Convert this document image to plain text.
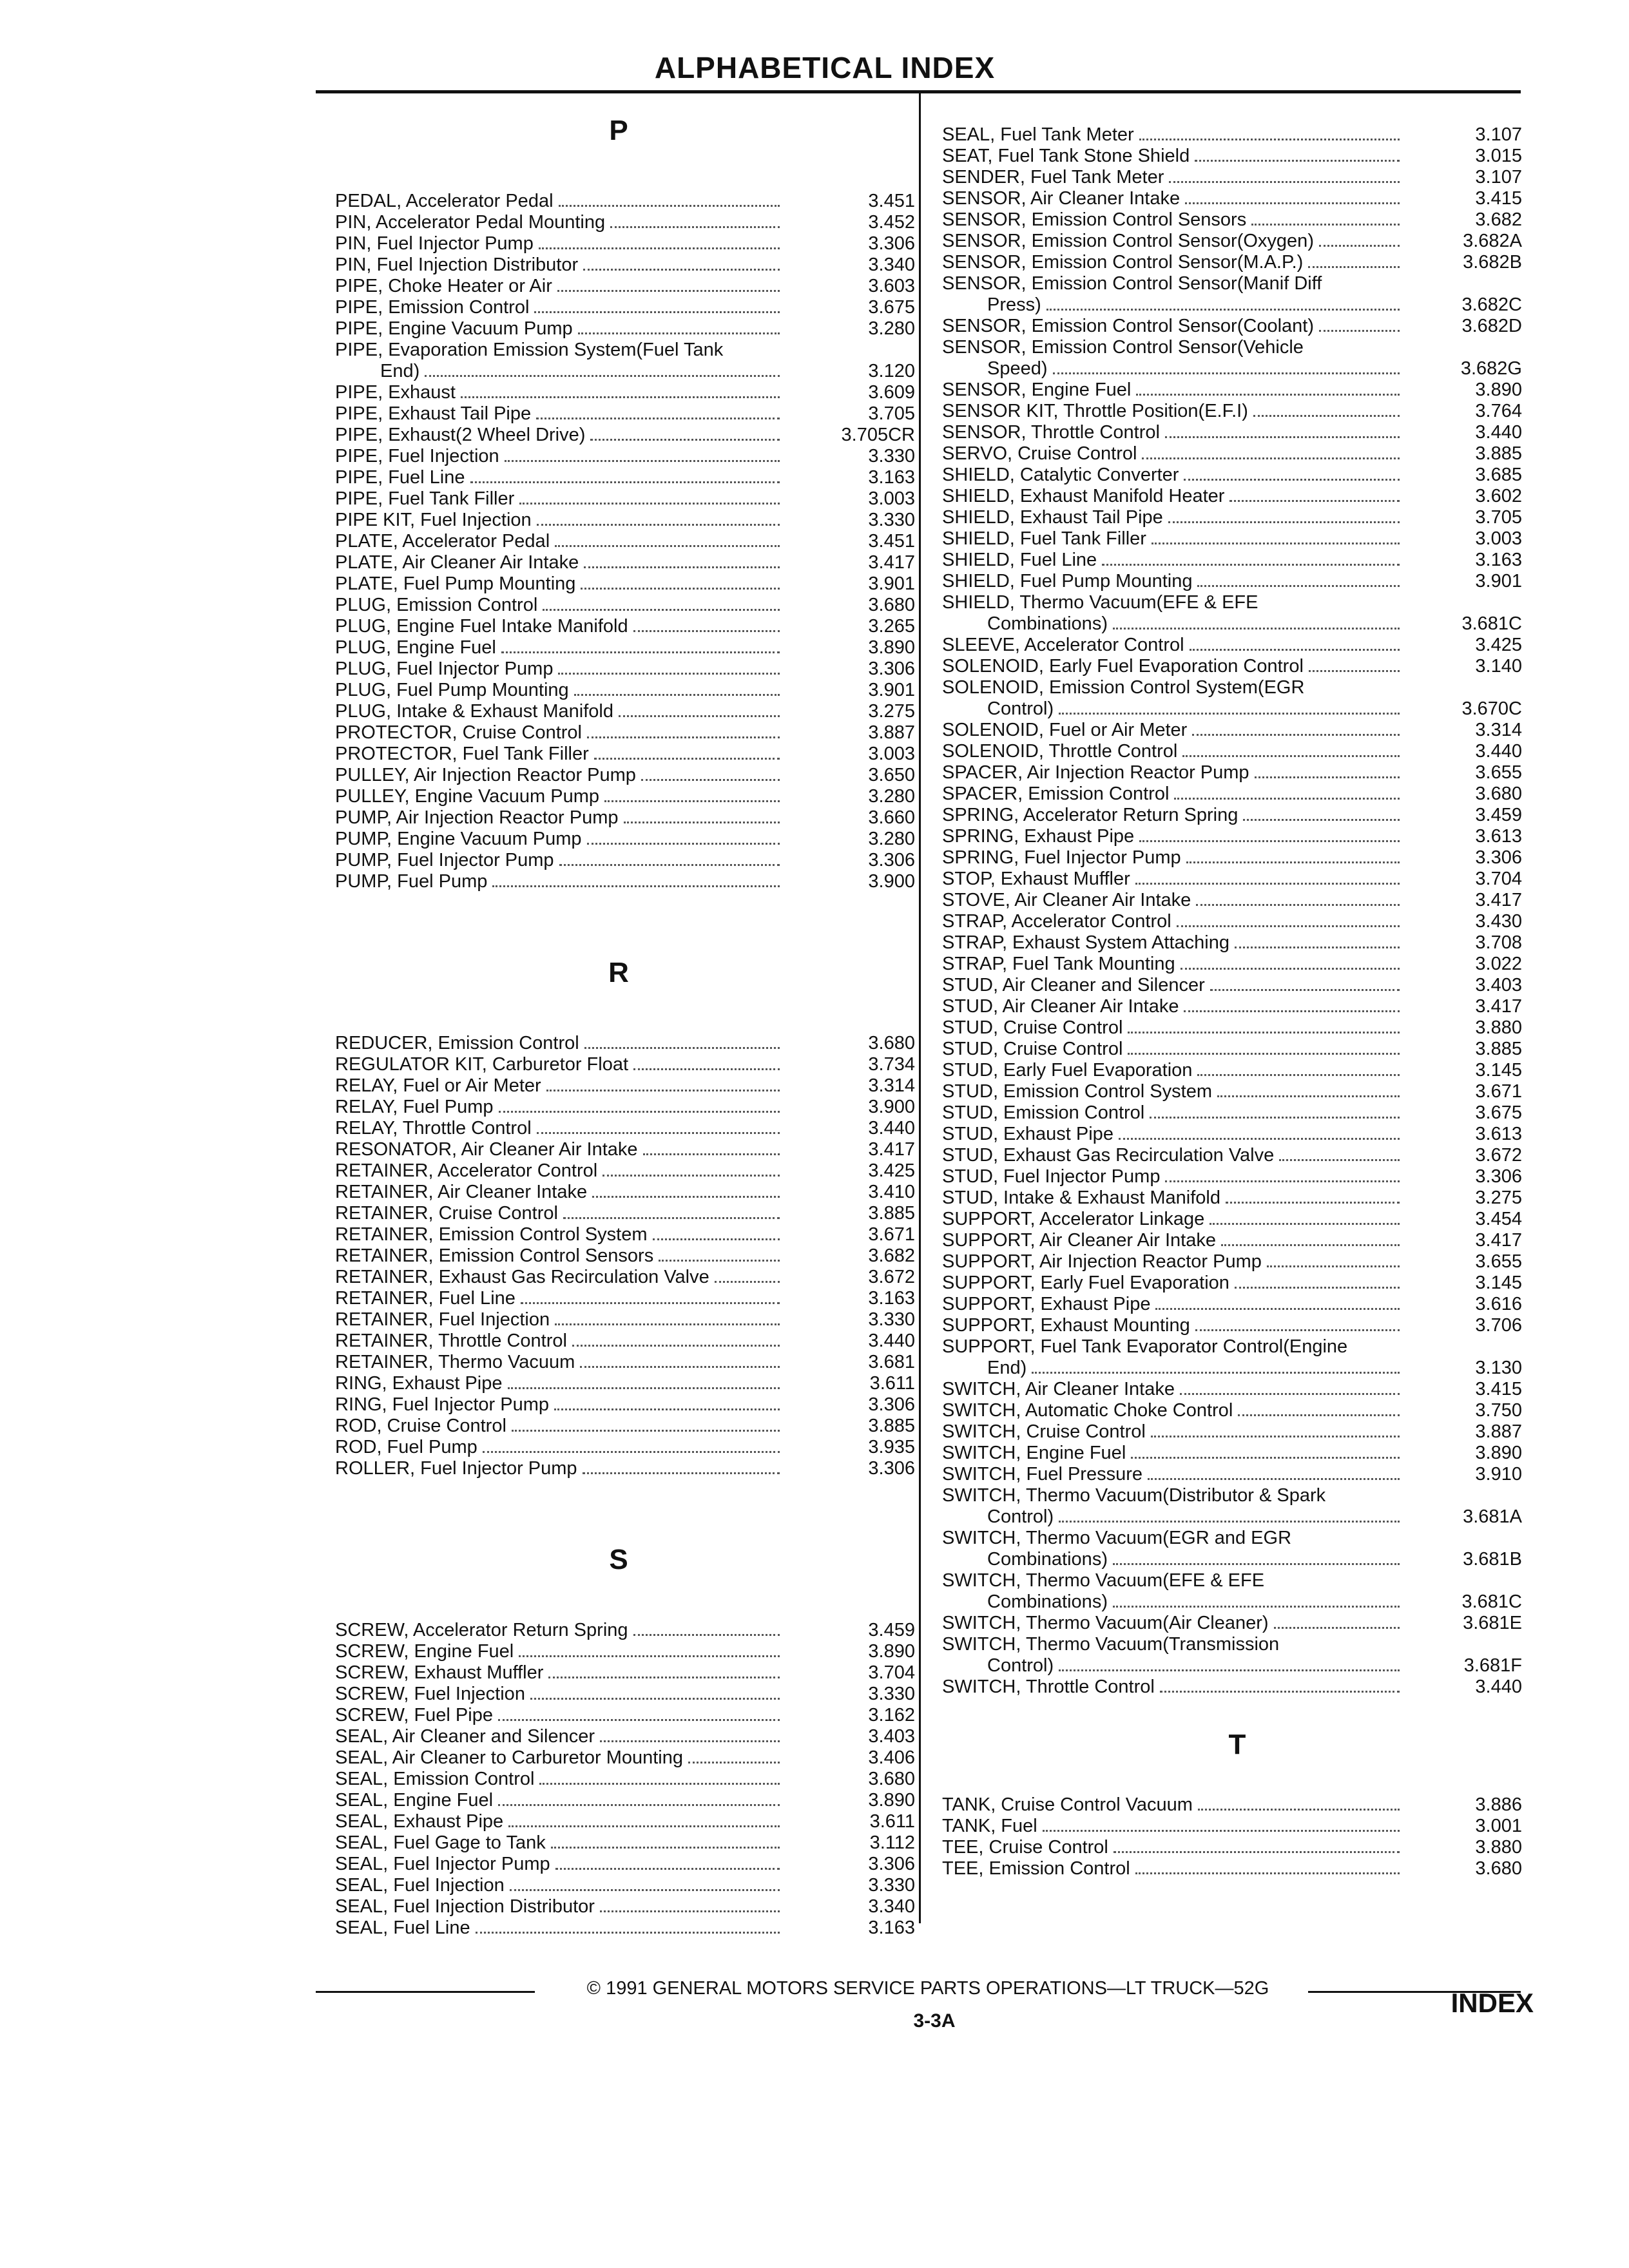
ALPHABETICAL INDEX
P
PEDAL, Accelerator Pedal	3.451
PIN, Accelerator Pedal Mounting	3.452
PIN, Fuel Injector Pump	3.306
PIN, Fuel Injection Distributor	3.340
PIPE, Choke Heater or Air	3.603
PIPE, Emission Control	3.675
PIPE, Engine Vacuum Pump	3.280
PIPE, Evaporation Emission System(Fuel Tank
End)	3.120
PIPE, Exhaust	3.609
PIPE, Exhaust Tail Pipe	3.705
PIPE, Exhaust(2 Wheel Drive)	3.705CR
PIPE, Fuel Injection	3.330
PIPE, Fuel Line	3.163
PIPE, Fuel Tank Filler	3.003
PIPE KIT, Fuel Injection	3.330
PLATE, Accelerator Pedal	3.451
PLATE, Air Cleaner Air Intake	3.417
PLATE, Fuel Pump Mounting	3.901
PLUG, Emission Control	3.680
PLUG, Engine Fuel Intake Manifold	3.265
PLUG, Engine Fuel	3.890
PLUG, Fuel Injector Pump	3.306
PLUG, Fuel Pump Mounting	3.901
PLUG, Intake & Exhaust Manifold	3.275
PROTECTOR, Cruise Control	3.887
PROTECTOR, Fuel Tank Filler	3.003
PULLEY, Air Injection Reactor Pump	3.650
PULLEY, Engine Vacuum Pump	3.280
PUMP, Air Injection Reactor Pump	3.660
PUMP, Engine Vacuum Pump	3.280
PUMP, Fuel Injector Pump	3.306
PUMP, Fuel Pump	3.900
R
REDUCER, Emission Control	3.680
REGULATOR KIT, Carburetor Float	3.734
RELAY, Fuel or Air Meter	3.314
RELAY, Fuel Pump	3.900
RELAY, Throttle Control	3.440
RESONATOR, Air Cleaner Air Intake	3.417
RETAINER, Accelerator Control	3.425
RETAINER, Air Cleaner Intake	3.410
RETAINER, Cruise Control	3.885
RETAINER, Emission Control System	3.671
RETAINER, Emission Control Sensors	3.682
RETAINER, Exhaust Gas Recirculation Valve	3.672
RETAINER, Fuel Line	3.163
RETAINER, Fuel Injection	3.330
RETAINER, Throttle Control	3.440
RETAINER, Thermo Vacuum	3.681
RING, Exhaust Pipe	3.611
RING, Fuel Injector Pump	3.306
ROD, Cruise Control	3.885
ROD, Fuel Pump	3.935
ROLLER, Fuel Injector Pump	3.306
S
SCREW, Accelerator Return Spring	3.459
SCREW, Engine Fuel	3.890
SCREW, Exhaust Muffler	3.704
SCREW, Fuel Injection	3.330
SCREW, Fuel Pipe	3.162
SEAL, Air Cleaner and Silencer	3.403
SEAL, Air Cleaner to Carburetor Mounting	3.406
SEAL, Emission Control	3.680
SEAL, Engine Fuel	3.890
SEAL, Exhaust Pipe	3.611
SEAL, Fuel Gage to Tank	3.112
SEAL, Fuel Injector Pump	3.306
SEAL, Fuel Injection	3.330
SEAL, Fuel Injection Distributor	3.340
SEAL, Fuel Line	3.163
SEAL, Fuel Tank Meter	3.107
SEAT, Fuel Tank Stone Shield	3.015
SENDER, Fuel Tank Meter	3.107
SENSOR, Air Cleaner Intake	3.415
SENSOR, Emission Control Sensors	3.682
SENSOR, Emission Control Sensor(Oxygen)	3.682A
SENSOR, Emission Control Sensor(M.A.P.)	3.682B
SENSOR, Emission Control Sensor(Manif Diff
Press)	3.682C
SENSOR, Emission Control Sensor(Coolant)	3.682D
SENSOR, Emission Control Sensor(Vehicle
Speed)	3.682G
SENSOR, Engine Fuel	3.890
SENSOR KIT, Throttle Position(E.F.I)	3.764
SENSOR, Throttle Control	3.440
SERVO, Cruise Control	3.885
SHIELD, Catalytic Converter	3.685
SHIELD, Exhaust Manifold Heater	3.602
SHIELD, Exhaust Tail Pipe	3.705
SHIELD, Fuel Tank Filler	3.003
SHIELD, Fuel Line	3.163
SHIELD, Fuel Pump Mounting	3.901
SHIELD, Thermo Vacuum(EFE & EFE
Combinations)	3.681C
SLEEVE, Accelerator Control	3.425
SOLENOID, Early Fuel Evaporation Control	3.140
SOLENOID, Emission Control System(EGR
Control)	3.670C
SOLENOID, Fuel or Air Meter	3.314
SOLENOID, Throttle Control	3.440
SPACER, Air Injection Reactor Pump	3.655
SPACER, Emission Control	3.680
SPRING, Accelerator Return Spring	3.459
SPRING, Exhaust Pipe	3.613
SPRING, Fuel Injector Pump	3.306
STOP, Exhaust Muffler	3.704
STOVE, Air Cleaner Air Intake	3.417
STRAP, Accelerator Control	3.430
STRAP, Exhaust System Attaching	3.708
STRAP, Fuel Tank Mounting	3.022
STUD, Air Cleaner and Silencer	3.403
STUD, Air Cleaner Air Intake	3.417
STUD, Cruise Control	3.880
STUD, Cruise Control	3.885
STUD, Early Fuel Evaporation	3.145
STUD, Emission Control System	3.671
STUD, Emission Control	3.675
STUD, Exhaust Pipe	3.613
STUD, Exhaust Gas Recirculation Valve	3.672
STUD, Fuel Injector Pump	3.306
STUD, Intake & Exhaust Manifold	3.275
SUPPORT, Accelerator Linkage	3.454
SUPPORT, Air Cleaner Air Intake	3.417
SUPPORT, Air Injection Reactor Pump	3.655
SUPPORT, Early Fuel Evaporation	3.145
SUPPORT, Exhaust Pipe	3.616
SUPPORT, Exhaust Mounting	3.706
SUPPORT, Fuel Tank Evaporator Control(Engine
End)	3.130
SWITCH, Air Cleaner Intake	3.415
SWITCH, Automatic Choke Control	3.750
SWITCH, Cruise Control	3.887
SWITCH, Engine Fuel	3.890
SWITCH, Fuel Pressure	3.910
SWITCH, Thermo Vacuum(Distributor & Spark
Control)	3.681A
SWITCH, Thermo Vacuum(EGR and EGR
Combinations)	3.681B
SWITCH, Thermo Vacuum(EFE & EFE
Combinations)	3.681C
SWITCH, Thermo Vacuum(Air Cleaner)	3.681E
SWITCH, Thermo Vacuum(Transmission
Control)	3.681F
SWITCH, Throttle Control	3.440
T
TANK, Cruise Control Vacuum	3.886
TANK, Fuel	3.001
TEE, Cruise Control	3.880
TEE, Emission Control	3.680
© 1991 GENERAL MOTORS SERVICE PARTS OPERATIONS—LT TRUCK—52G
3-3A
INDEX
